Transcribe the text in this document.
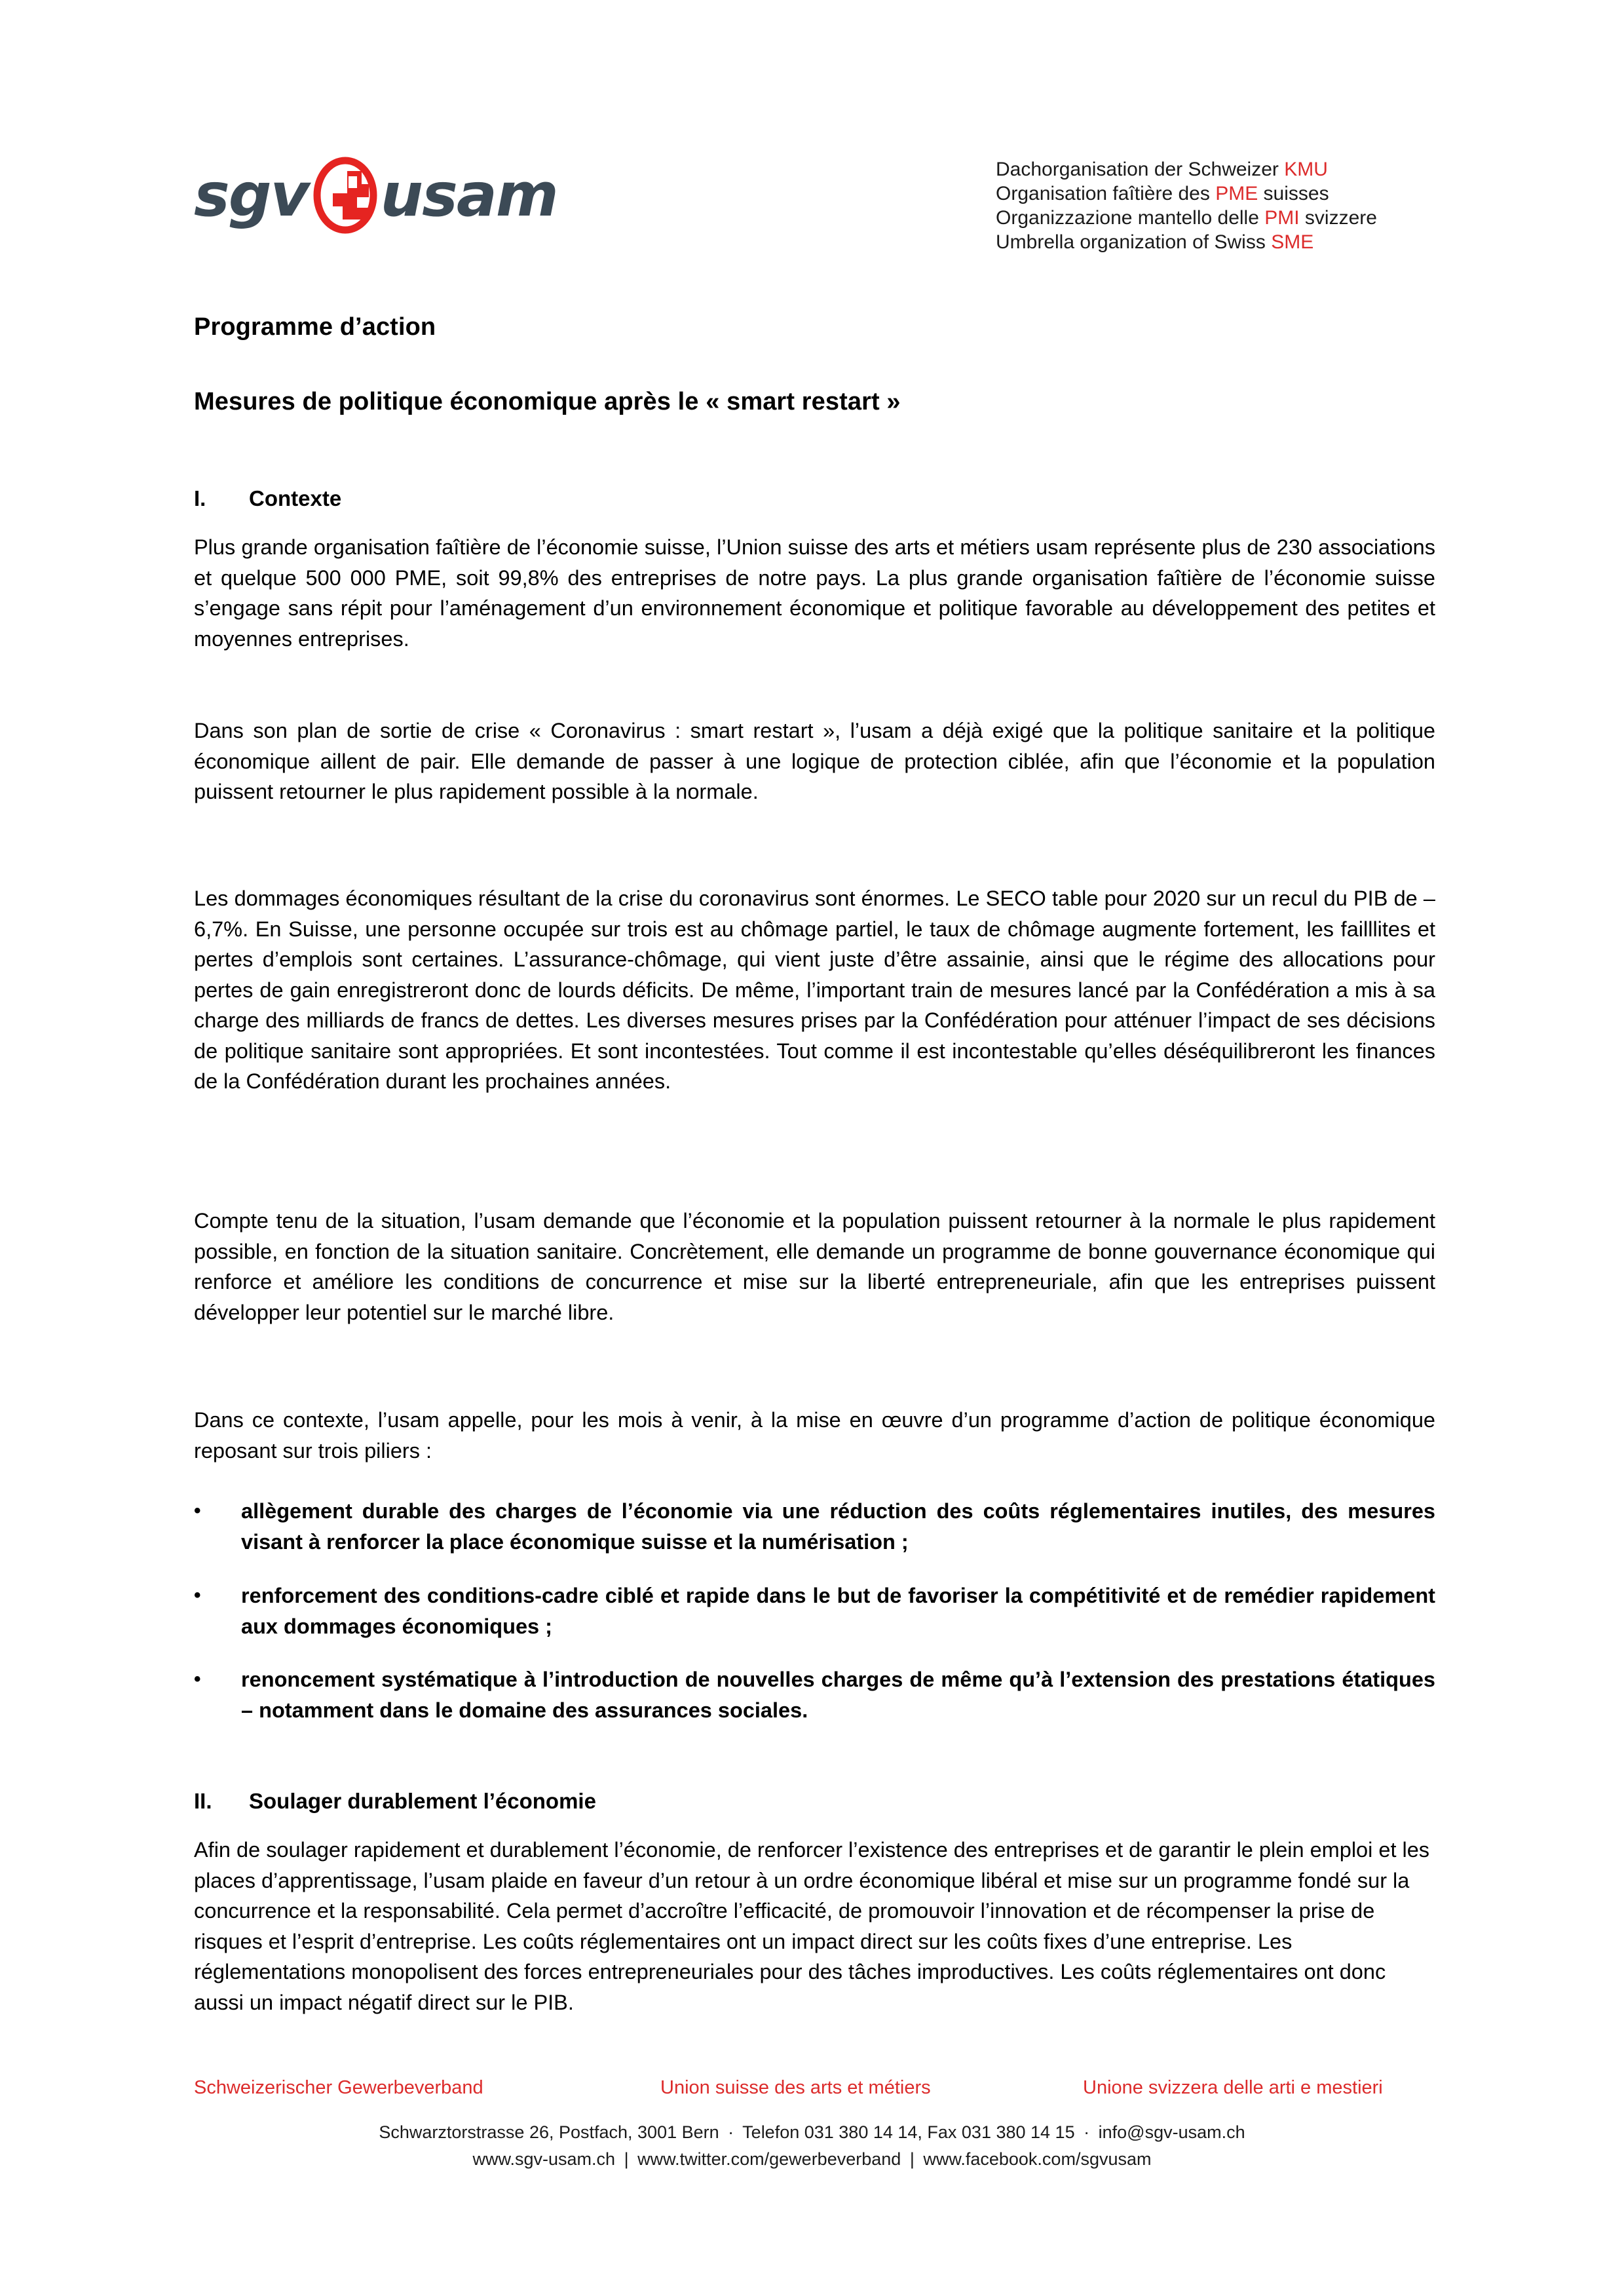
sgv usam	Dachorganisation der Schweizer KMU
Organisation faîtière des PME suisses
Organizzazione mantello delle PMI svizzere
Umbrella organization of Swiss SME
Programme d’action
Mesures de politique économique après le « smart restart »
I.	Contexte
Plus grande organisation faîtière de l’économie suisse, l’Union suisse des arts et métiers usam représente plus de 230 associations et quelque 500 000 PME, soit 99,8% des entreprises de notre pays. La plus grande organisation faîtière de l’économie suisse s’engage sans répit pour l’aménagement d’un environnement économique et politique favorable au développement des petites et moyennes entreprises.
Dans son plan de sortie de crise « Coronavirus : smart restart », l’usam a déjà exigé que la politique sanitaire et la politique économique aillent de pair. Elle demande de passer à une logique de protection ciblée, afin que l’économie et la population puissent retourner le plus rapidement possible à la normale.
Les dommages économiques résultant de la crise du coronavirus sont énormes. Le SECO table pour 2020 sur un recul du PIB de –6,7%. En Suisse, une personne occupée sur trois est au chômage partiel, le taux de chômage augmente fortement, les failllites et pertes d’emplois sont certaines. L’assurance-chômage, qui vient juste d’être assainie, ainsi que le régime des allocations pour pertes de gain enregistreront donc de lourds déficits. De même, l’important train de mesures lancé par la Confédération a mis à sa charge des milliards de francs de dettes. Les diverses mesures prises par la Confédération pour atténuer l’impact de ses décisions de politique sanitaire sont appropriées. Et sont incontestées. Tout comme il est incontestable qu’elles déséquilibreront les finances de la Confédération durant les prochaines années.
Compte tenu de la situation, l’usam demande que l’économie et la population puissent retourner à la normale le plus rapidement possible, en fonction de la situation sanitaire. Concrètement, elle demande un programme de bonne gouvernance économique qui renforce et améliore les conditions de concurrence et mise sur la liberté entrepreneuriale, afin que les entreprises puissent développer leur potentiel sur le marché libre.
Dans ce contexte, l’usam appelle, pour les mois à venir, à la mise en œuvre d’un programme d’action de politique économique reposant sur trois piliers :
•	allègement durable des charges de l’économie via une réduction des coûts réglementaires inutiles, des mesures visant à renforcer la place économique suisse et la numérisation ;
•	renforcement des conditions-cadre ciblé et rapide dans le but de favoriser la compétitivité et de remédier rapidement aux dommages économiques ;
•	renoncement systématique à l’introduction de nouvelles charges de même qu’à l’extension des prestations étatiques – notamment dans le domaine des assurances sociales.
II.	Soulager durablement l’économie
Afin de soulager rapidement et durablement l’économie, de renforcer l’existence des entreprises et de garantir le plein emploi et les places d’apprentissage, l’usam plaide en faveur d’un retour à un ordre économique libéral et mise sur un programme fondé sur la concurrence et la responsabilité. Cela permet d’accroître l’efficacité, de promouvoir l’innovation et de récompenser la prise de risques et l’esprit d’entreprise. Les coûts réglementaires ont un impact direct sur les coûts fixes d’une entreprise. Les réglementations monopolisent des forces entrepreneuriales pour des tâches improductives. Les coûts réglementaires ont donc aussi un impact négatif direct sur le PIB.
Schweizerischer Gewerbeverband	Union suisse des arts et métiers	Unione svizzera delle arti e mestieri
Schwarztorstrasse 26, Postfach, 3001 Bern · Telefon 031 380 14 14, Fax 031 380 14 15 · info@sgv-usam.ch
www.sgv-usam.ch | www.twitter.com/gewerbeverband | www.facebook.com/sgvusam
